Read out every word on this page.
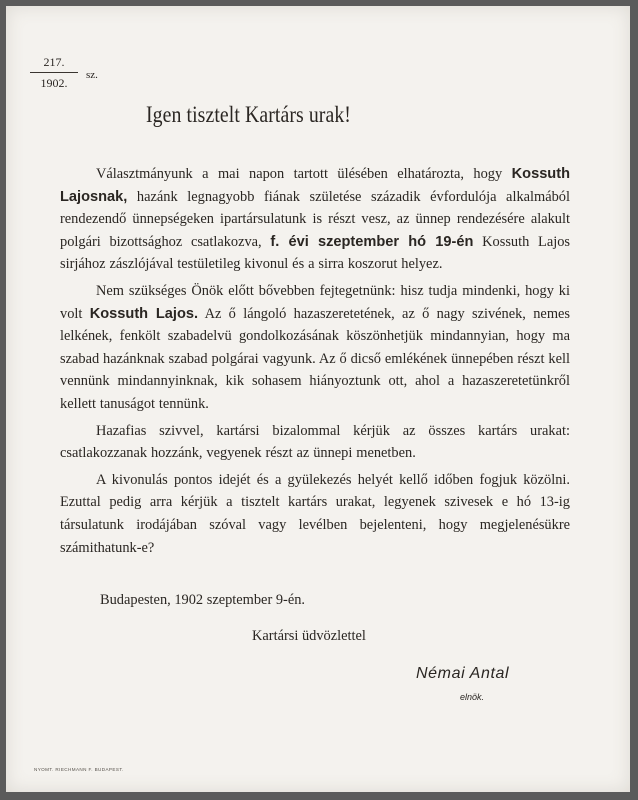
217.
1902.
sz.
Igen tisztelt Kartárs urak!

Választmányunk a mai napon tartott ülésében elhatározta, hogy Kossuth Lajosnak, hazánk legnagyobb fiának születése századik évfordulója alkalmából rendezendő ünnepségeken ipartársulatunk is részt vesz, az ünnep rendezésére alakult polgári bizottsághoz csatlakozva, f. évi szeptember hó 19-én Kossuth Lajos sirjához zászlójával testületileg kivonul és a sirra koszorut helyez.

Nem szükséges Önök előtt bővebben fejtegetnünk: hisz tudja mindenki, hogy ki volt Kossuth Lajos. Az ő lángoló hazaszeretetének, az ő nagy szivének, nemes lelkének, fenkölt szabadelvü gondolkozásának köszönhetjük mindannyian, hogy ma szabad hazánknak szabad polgárai vagyunk. Az ő dicső emlékének ünnepében részt kell vennünk mindannyinknak, kik sohasem hiányoztunk ott, ahol a hazaszeretetünkről kellett tanuságot tennünk.

Hazafias szivvel, kartársi bizalommal kérjük az összes kartárs urakat: csatlakozzanak hozzánk, vegyenek részt az ünnepi menetben.

A kivonulás pontos idejét és a gyülekezés helyét kellő időben fogjuk közölni. Ezuttal pedig arra kérjük a tisztelt kartárs urakat, legyenek szivesek e hó 13-ig társulatunk irodájában szóval vagy levélben bejelenteni, hogy megjelenésükre számithatunk-e?

Budapesten, 1902 szeptember 9-én.
Kartársi üdvözlettel
Némai Antal
elnök.
NYOMT. RIECHMANN F. BUDAPEST.
